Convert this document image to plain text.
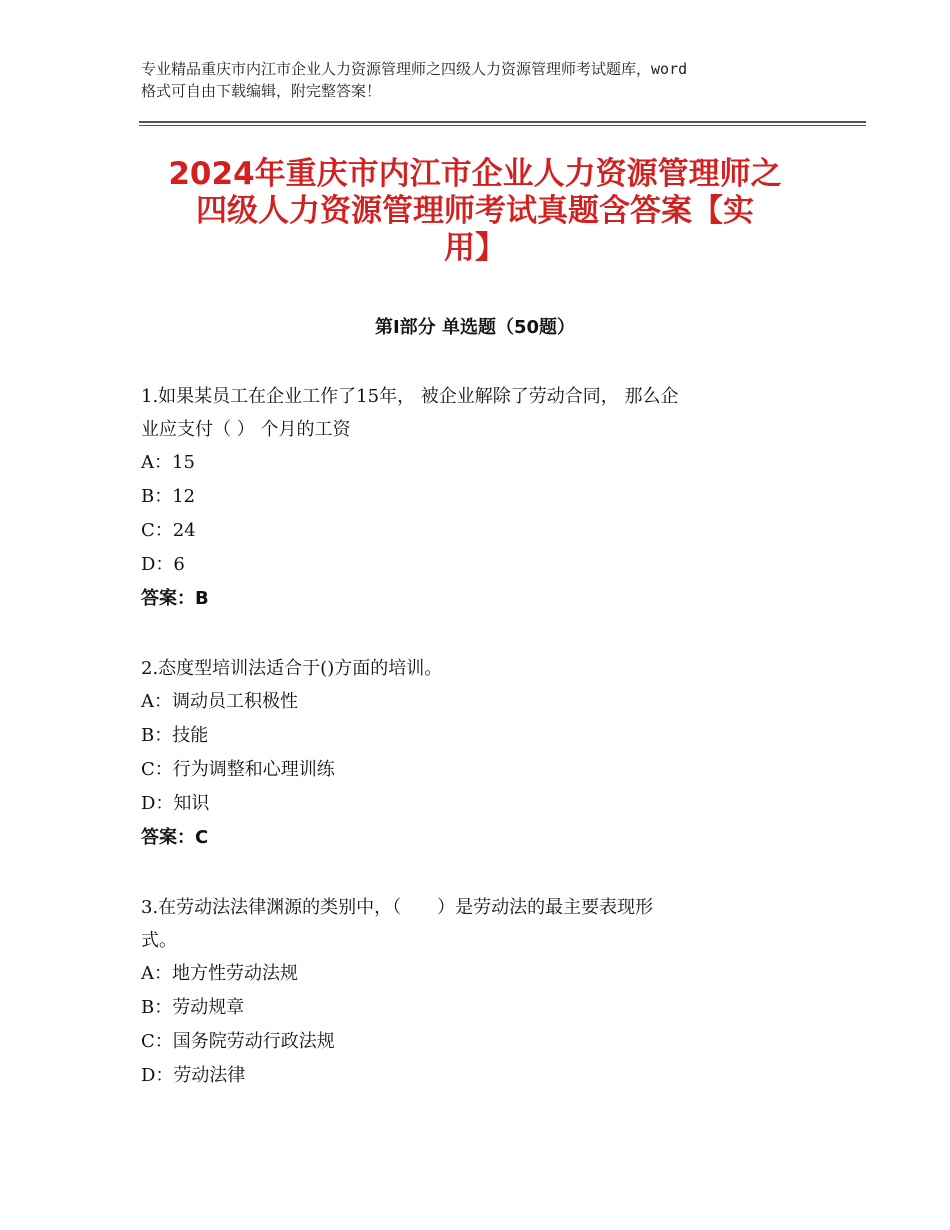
专业精品重庆市内江市企业人力资源管理师之四级人力资源管理师考试题库，word
格式可自由下载编辑，附完整答案！
2024年重庆市内江市企业人力资源管理师之
四级人力资源管理师考试真题含答案【实
用】
第Ⅰ部分 单选题（50题）
1.如果某员工在企业工作了15年， 被企业解除了劳动合同， 那么企
业应支付（ ） 个月的工资
A：15
B：12
C：24
D：6
答案：B
2.态度型培训法适合于()方面的培训。
A：调动员工积极性
B：技能
C：行为调整和心理训练
D：知识
答案：C
3.在劳动法法律渊源的类别中，（　　）是劳动法的最主要表现形
式。
A：地方性劳动法规
B：劳动规章
C：国务院劳动行政法规
D：劳动法律
